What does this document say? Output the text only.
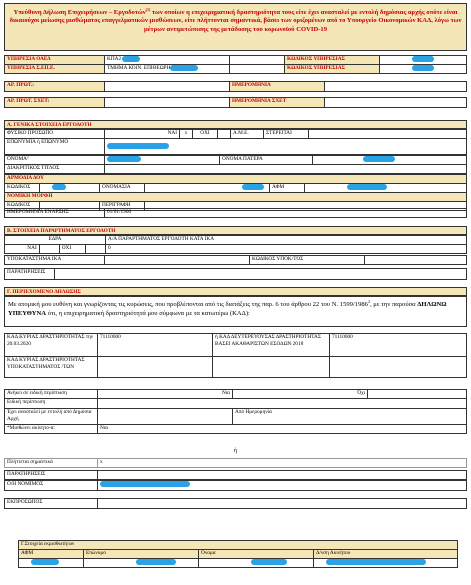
Υπεύθυνη Δήλωση Επιχειρήσεων – Εργοδοτών$^{(1)}$ των οποίων η επιχειρηματική δραστηριότητα τους είτε έχει ανασταλεί με εντολή δημόσιας αρχής οπότε είναι δικαιούχοι μείωσης μισθώματος επαγγελματικών μισθώσεων, είτε πλήττονται σημαντικά, βάσει των οριζομένων από το Υπουργείο Οικονομικών ΚΑΔ, λόγω των μέτρων αντιμετώπισης της μετάδοσης του κορωνοϊού COVID-19
ΥΠΗΡΕΣΙΑ ΟΑΕΔ	ΚΠΑ2		ΚΩΔΙΚΟΣ ΥΠΗΡΕΣΙΑΣ	
ΥΠΗΡΕΣΙΑ Σ.ΕΠ.Ε.	ΤΜΗΜΑ ΚΟΙΝ. ΕΠΙΘΕΩΡΗ		ΚΩΔΙΚΟΣ ΥΠΗΡΕΣΙΑΣ	
ΑΡ. ΠΡΩΤ.:		ΗΜΕΡΟΜΗΝΙΑ	
ΑΡ. ΠΡΩΤ. ΣΧΕΤ:		ΗΜΕΡΟΜΗΝΙΑ ΣΧΕΤ	
Α. ΓΕΝΙΚΑ ΣΤΟΙΧΕΙΑ ΕΡΓΟΔΟΤΗ
ΦΥΣΙΚΟ ΠΡΟΣΩΠΟ	ΝΑΙ	x	ΟΧΙ		Α.Μ.Ε.	ΣΤΕΡΕΙΤΑΙ	
ΕΠΩΝΥΜΙΑ ή ΕΠΩΝΥΜΟ	
ΟΝΟΜΑ²		ΟΝΟΜΑ ΠΑΤΕΡΑ	
ΔΙΑΚΡΙΤΙΚΟΣ ΤΙΤΛΟΣ	
ΑΡΜΟΔΙΑ ΔΟΥ					
ΚΩΔΙΚΟΣ		ΟΝΟΜΑΣΙΑ		ΑΦΜ	
ΝΟΜΙΚΗ ΜΟΡΦΗ					
ΚΩΔΙΚΟΣ		ΠΕΡΙΓΡΑΦΗ			
ΗΜΕΡΟΜΗΝΙΑ ΕΝΑΡΞΗΣ	01/01/1900
Β. ΣΤΟΙΧΕΙΑ ΠΑΡΑΡΤΗΜΑΤΟΣ ΕΡΓΟΔΟΤΗ
ΕΔΡΑ				Α/Α ΠΑΡΑΡΤΗΜΑΤΟΣ ΕΡΓΟΔΟΤΗ ΚΑΤΑ ΙΚΑ
ΝΑΙ		ΟΧΙ		0
ΥΠΟΚΑΤΑΣΤΗΜΑ ΙΚΑ		ΚΩΔΙΚΟΣ ΥΠΟΚ/ΤΟΣ	
ΠΑΡΑΤΗΡΗΣΕΙΣ	
Γ. ΠΕΡΙΕΧΟΜΕΝΟ ΔΗΛΩΣΗΣ
Με ατομική μου ευθύνη και γνωρίζοντας τις κυρώσεις, που προβλέπονται από τις διατάξεις της παρ. 6 του άρθρου 22 του Ν. 1599/1986$^2$, με την παρούσα ΔΗΛΩΝΩ ΥΠΕΥΘΥΝΑ ότι, η επιχειρηματική δραστηριότητά μου σύμφωνα με τα κατωτέρω (ΚΑΔ):
ΚΑΔ ΚΥΡΙΑΣ ΔΡΑΣΤΗΡΙΟΤΗΤΑΣ την 20.03.2020	71110000	ή ΚΑΔ ΔΕΥΤΕΡΕΥΟΥΣΑΣ ΔΡΑΣΤΗΡΙΟΤΗΤΑΣ ΒΑΣΕΙ ΑΚΑΘΑΡΙΣΤΩΝ ΕΣΟΔΩΝ 2018	71110000
ΚΑΔ ΚΥΡΙΑΣ ΔΡΑΣΤΗΡΙΟΤΗΤΑΣ ΥΠΟΚΑΤΑΣΤΗΜΑΤΟΣ /ΤΩΝ			
Ανήκει σε ειδική περίπτωση	Ναι	Όχι	
Ειδική περίπτωση			
Έχει ανασταλεί με εντολή από Δημόσια Αρχή		Από Ημερομηνία	
*Μισθώνει ακίνητο-α:	Ναι		
ή
Πλήττεται σημαντικά	x
ΠΑΡΑΤΗΡΗΣΕΙΣ	
Ο/Η ΝΟΜΙΜΟΣ	
ΕΚΠΡΟΣΩΠΟΣ	
Γ.Στοιχεία εκμισθωτή/ων			
ΑΦΜ	Επώνυμο	Ονομα	Δ/νση Ακινήτου
